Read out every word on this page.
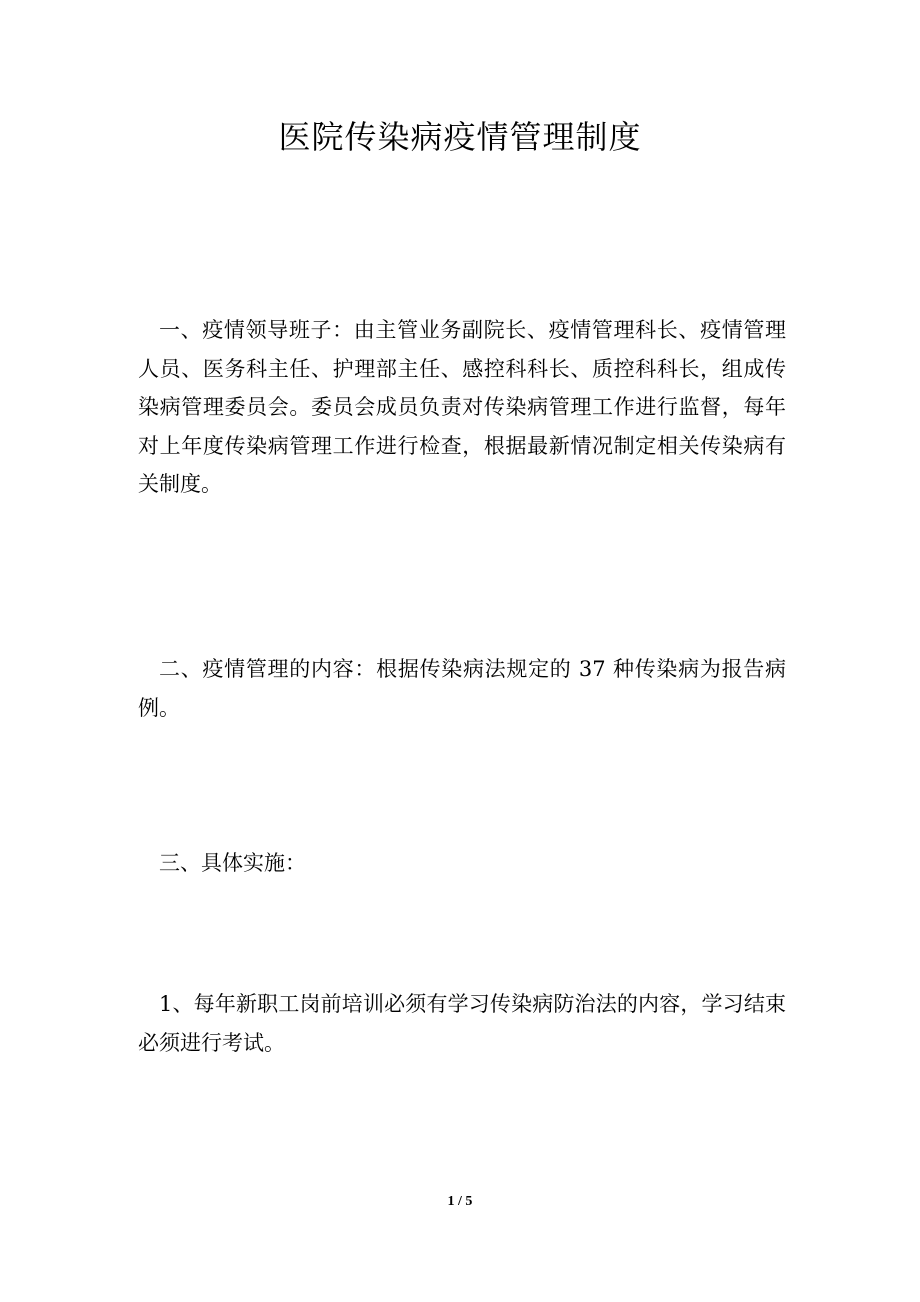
医院传染病疫情管理制度

一、疫情领导班子：由主管业务副院长、疫情管理科长、疫情管理人员、医务科主任、护理部主任、感控科科长、质控科科长，组成传染病管理委员会。委员会成员负责对传染病管理工作进行监督，每年对上年度传染病管理工作进行检查，根据最新情况制定相关传染病有关制度。

二、疫情管理的内容：根据传染病法规定的 37 种传染病为报告病例。

三、具体实施：

1、每年新职工岗前培训必须有学习传染病防治法的内容，学习结束必须进行考试。

1 / 5
